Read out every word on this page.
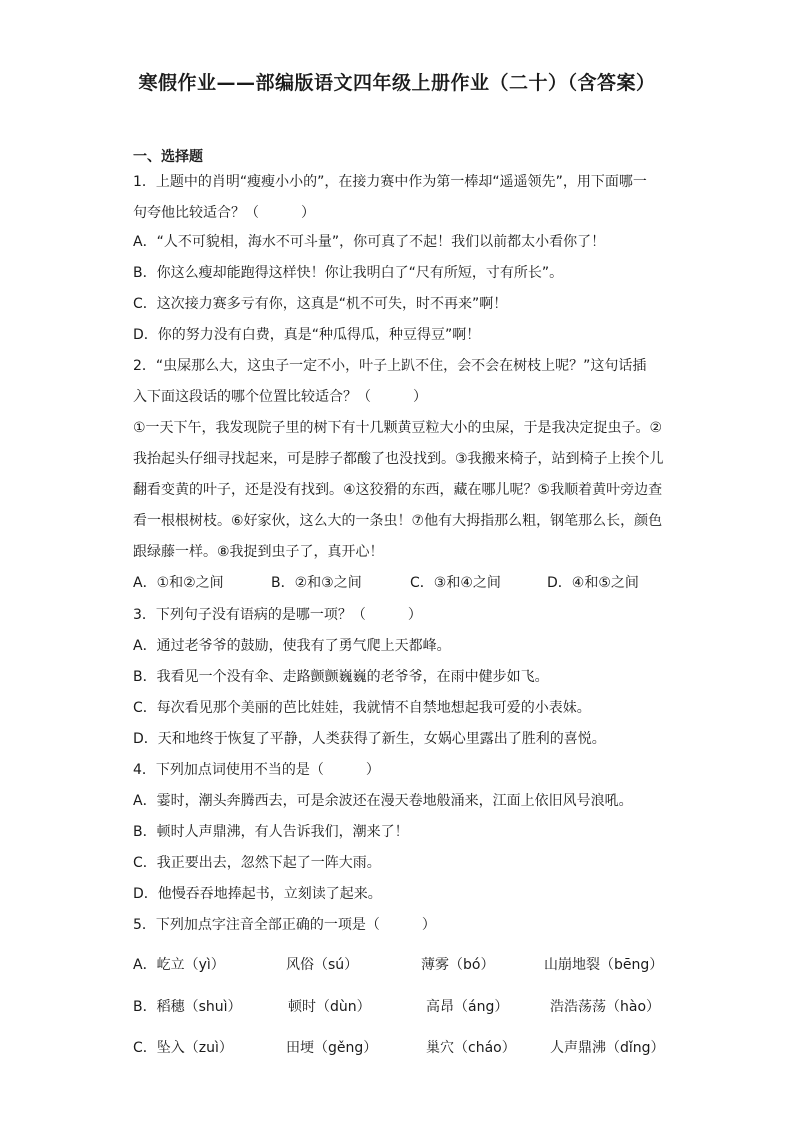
寒假作业——部编版语文四年级上册作业（二十）（含答案）
一、选择题
1．上题中的肖明“瘦瘦小小的”，在接力赛中作为第一棒却“遥遥领先”，用下面哪一
句夸他比较适合？（　　　）
A．“人不可貌相，海水不可斗量”，你可真了不起！我们以前都太小看你了！
B．你这么瘦却能跑得这样快！你让我明白了“尺有所短，寸有所长”。
C．这次接力赛多亏有你，这真是“机不可失，时不再来”啊！
D．你的努力没有白费，真是“种瓜得瓜，种豆得豆”啊！
2．“虫屎那么大，这虫子一定不小，叶子上趴不住，会不会在树枝上呢？”这句话插
入下面这段话的哪个位置比较适合？（　　　）
①一天下午，我发现院子里的树下有十几颗黄豆粒大小的虫屎，于是我决定捉虫子。②
我抬起头仔细寻找起来，可是脖子都酸了也没找到。③我搬来椅子，站到椅子上挨个儿
翻看变黄的叶子，还是没有找到。④这狡猾的东西，藏在哪儿呢？⑤我顺着黄叶旁边查
看一根根树枝。⑥好家伙，这么大的一条虫！⑦他有大拇指那么粗，钢笔那么长，颜色
跟绿藤一样。⑧我捉到虫子了，真开心！
A．①和②之间	B．②和③之间	C．③和④之间	D．④和⑤之间
3．下列句子没有语病的是哪一项？（　　　）
A．通过老爷爷的鼓励，使我有了勇气爬上天都峰。
B．我看见一个没有伞、走路颤颤巍巍的老爷爷，在雨中健步如飞。
C．每次看见那个美丽的芭比娃娃，我就情不自禁地想起我可爱的小表妹。
D．天和地终于恢复了平静，人类获得了新生，女娲心里露出了胜利的喜悦。
4．下列加点词使用不当的是（　　　）
A．霎时，潮头奔腾西去，可是余波还在漫天卷地般涌来，江面上依旧风号浪吼。
B．顿时人声鼎沸，有人告诉我们，潮来了！
C．我正要出去，忽然下起了一阵大雨。
D．他慢吞吞地捧起书，立刻读了起来。
5．下列加点字注音全部正确的一项是（　　　）
A．屹立（yì）	风俗（sú）	薄雾（bó）	山崩地裂（bēng）
B．稻穗（shuì）	顿时（dùn）	高昂（áng）	浩浩荡荡（hào）
C．坠入（zuì）	田埂（gěng）	巢穴（cháo） 人声鼎沸（dǐng）
